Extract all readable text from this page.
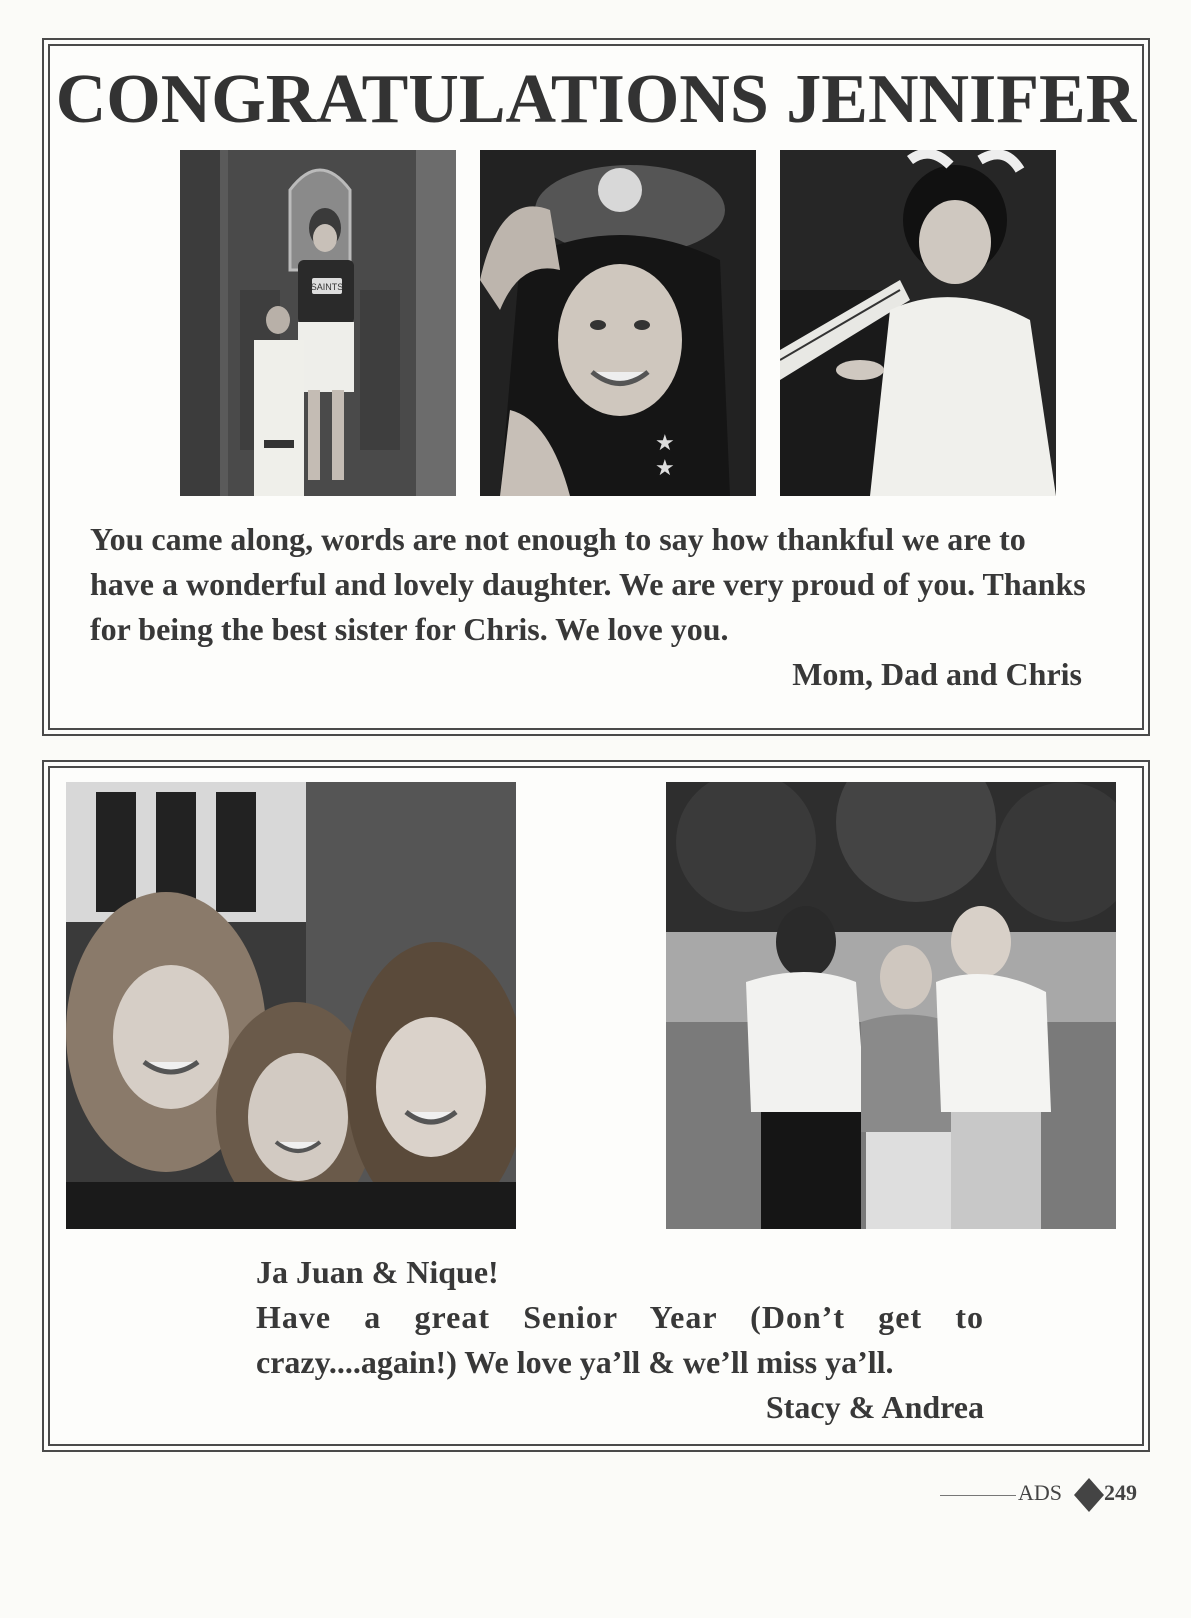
CONGRATULATIONS JENNIFER
SAINTS
★
★
You came along, words are not enough to say how thankful we are to have a wonderful and lovely daughter. We are very proud of you. Thanks for being the best sister for Chris. We love you.
Mom, Dad and Chris
Ja Juan & Nique!
Have a great Senior Year (Don’t get to
crazy....again!) We love ya’ll & we’ll miss ya’ll.
Stacy & Andrea
ADS 249
